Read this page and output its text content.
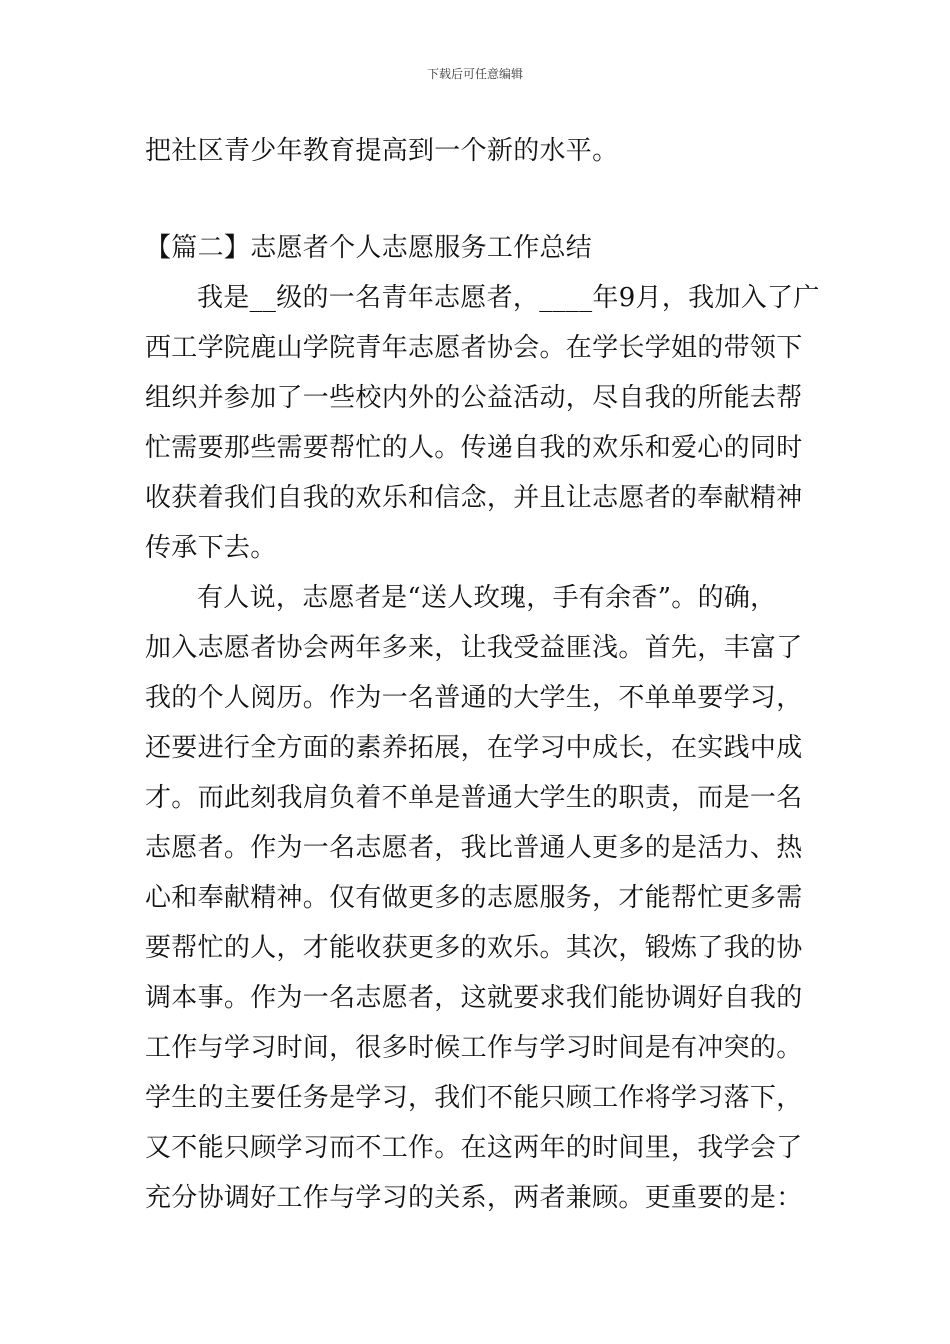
下载后可任意编辑
把社区青少年教育提高到一个新的水平。
【篇二】志愿者个人志愿服务工作总结
我是__级的一名青年志愿者，____年9月，我加入了广
西工学院鹿山学院青年志愿者协会。在学长学姐的带领下
组织并参加了一些校内外的公益活动，尽自我的所能去帮
忙需要那些需要帮忙的人。传递自我的欢乐和爱心的同时
收获着我们自我的欢乐和信念，并且让志愿者的奉献精神
传承下去。
有人说，志愿者是“送人玫瑰，手有余香”。的确，
加入志愿者协会两年多来，让我受益匪浅。首先，丰富了
我的个人阅历。作为一名普通的大学生，不单单要学习，
还要进行全方面的素养拓展，在学习中成长，在实践中成
才。而此刻我肩负着不单是普通大学生的职责，而是一名
志愿者。作为一名志愿者，我比普通人更多的是活力、热
心和奉献精神。仅有做更多的志愿服务，才能帮忙更多需
要帮忙的人，才能收获更多的欢乐。其次，锻炼了我的协
调本事。作为一名志愿者，这就要求我们能协调好自我的
工作与学习时间，很多时候工作与学习时间是有冲突的。
学生的主要任务是学习，我们不能只顾工作将学习落下，
又不能只顾学习而不工作。在这两年的时间里，我学会了
充分协调好工作与学习的关系，两者兼顾。更重要的是：
